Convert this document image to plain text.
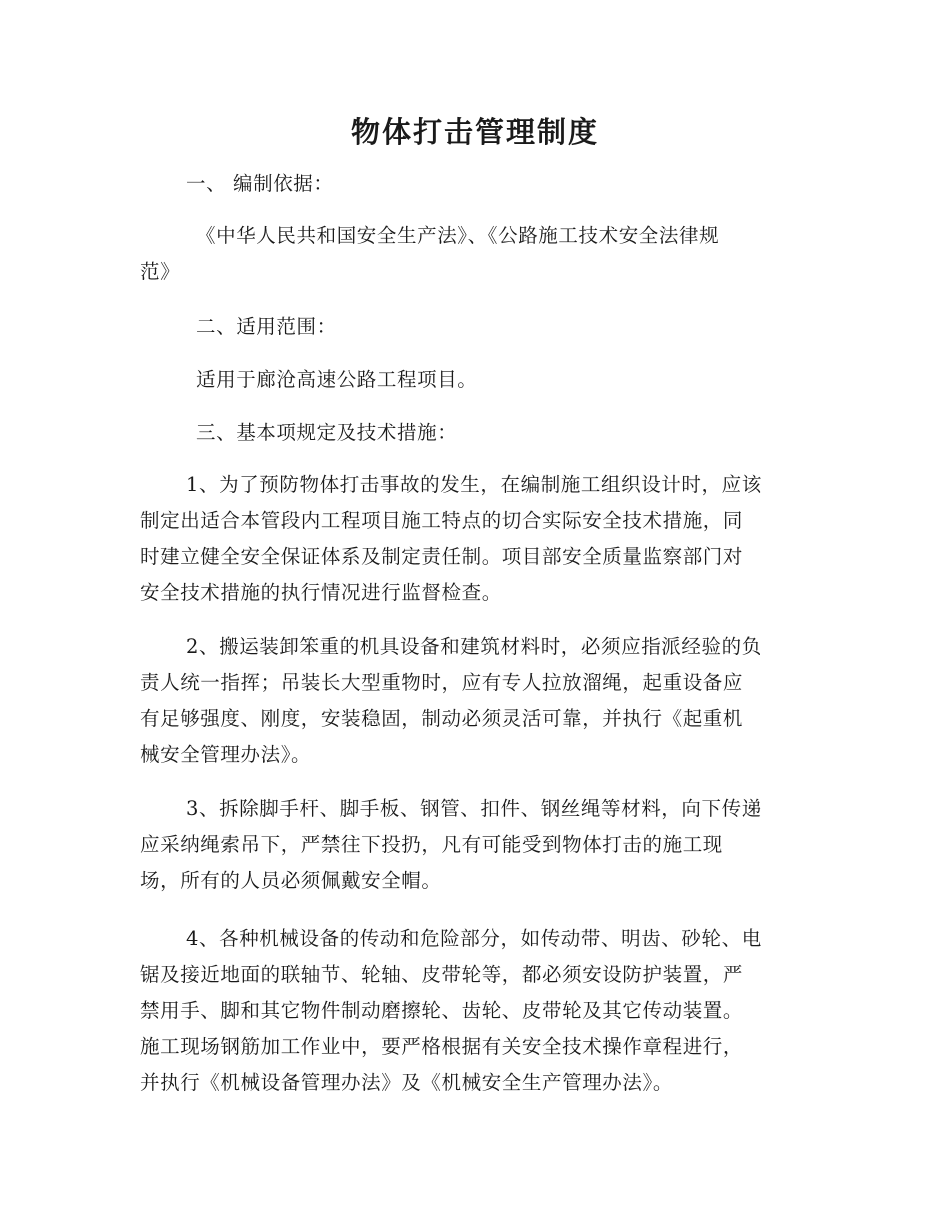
物体打击管理制度
一、 编制依据：
《中华人民共和国安全生产法》、《公路施工技术安全法律规
范》
二、适用范围：
适用于廊沧高速公路工程项目。
三、基本项规定及技术措施：
1、为了预防物体打击事故的发生，在编制施工组织设计时，应该
制定出适合本管段内工程项目施工特点的切合实际安全技术措施，同
时建立健全安全保证体系及制定责任制。项目部安全质量监察部门对
安全技术措施的执行情况进行监督检查。
2、搬运装卸笨重的机具设备和建筑材料时，必须应指派经验的负
责人统一指挥；吊装长大型重物时，应有专人拉放溜绳，起重设备应
有足够强度、刚度，安装稳固，制动必须灵活可靠，并执行《起重机
械安全管理办法》。
3、拆除脚手杆、脚手板、钢管、扣件、钢丝绳等材料，向下传递
应采纳绳索吊下，严禁往下投扔，凡有可能受到物体打击的施工现
场，所有的人员必须佩戴安全帽。
4、各种机械设备的传动和危险部分，如传动带、明齿、砂轮、电
锯及接近地面的联轴节、轮轴、皮带轮等，都必须安设防护装置，严
禁用手、脚和其它物件制动磨擦轮、齿轮、皮带轮及其它传动装置。
施工现场钢筋加工作业中，要严格根据有关安全技术操作章程进行，
并执行《机械设备管理办法》及《机械安全生产管理办法》。
